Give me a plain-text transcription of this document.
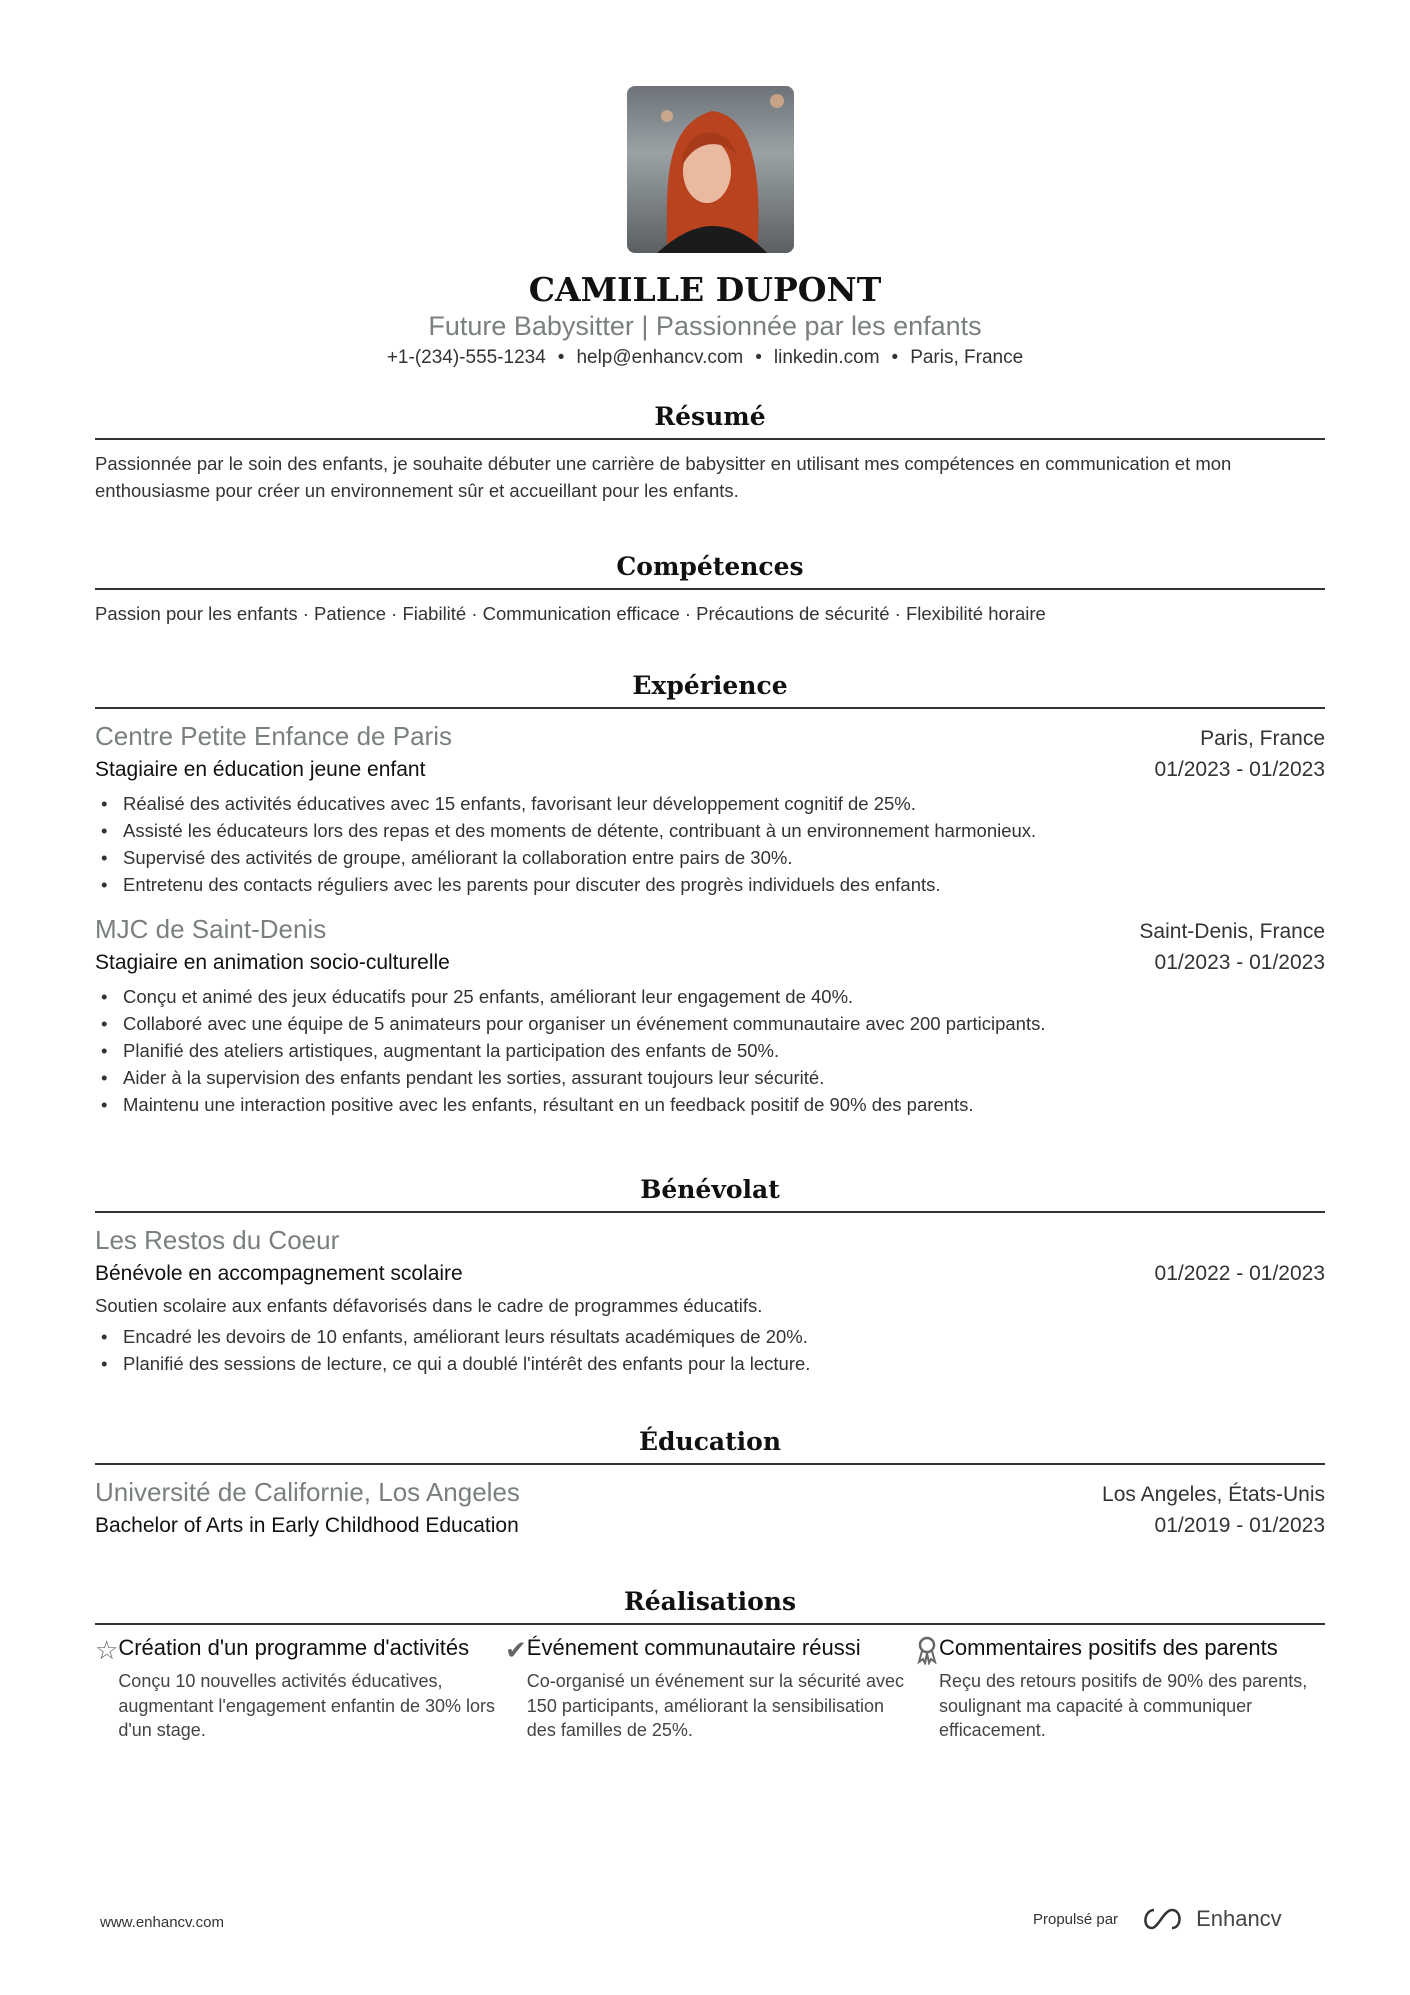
CAMILLE DUPONT
Future Babysitter | Passionnée par les enfants
+1-(234)-555-1234 • help@enhancv.com • linkedin.com • Paris, France
Résumé
Passionnée par le soin des enfants, je souhaite débuter une carrière de babysitter en utilisant mes compétences en communication et mon enthousiasme pour créer un environnement sûr et accueillant pour les enfants.
Compétences
Passion pour les enfants · Patience · Fiabilité · Communication efficace · Précautions de sécurité · Flexibilité horaire
Expérience
Centre Petite Enfance de Paris	Paris, France
Stagiaire en éducation jeune enfant	01/2023 - 01/2023
• Réalisé des activités éducatives avec 15 enfants, favorisant leur développement cognitif de 25%.
• Assisté les éducateurs lors des repas et des moments de détente, contribuant à un environnement harmonieux.
• Supervisé des activités de groupe, améliorant la collaboration entre pairs de 30%.
• Entretenu des contacts réguliers avec les parents pour discuter des progrès individuels des enfants.
MJC de Saint-Denis	Saint-Denis, France
Stagiaire en animation socio-culturelle	01/2023 - 01/2023
• Conçu et animé des jeux éducatifs pour 25 enfants, améliorant leur engagement de 40%.
• Collaboré avec une équipe de 5 animateurs pour organiser un événement communautaire avec 200 participants.
• Planifié des ateliers artistiques, augmentant la participation des enfants de 50%.
• Aider à la supervision des enfants pendant les sorties, assurant toujours leur sécurité.
• Maintenu une interaction positive avec les enfants, résultant en un feedback positif de 90% des parents.
Bénévolat
Les Restos du Coeur
Bénévole en accompagnement scolaire	01/2022 - 01/2023
Soutien scolaire aux enfants défavorisés dans le cadre de programmes éducatifs.
• Encadré les devoirs de 10 enfants, améliorant leurs résultats académiques de 20%.
• Planifié des sessions de lecture, ce qui a doublé l'intérêt des enfants pour la lecture.
Éducation
Université de Californie, Los Angeles	Los Angeles, États-Unis
Bachelor of Arts in Early Childhood Education	01/2019 - 01/2023
Réalisations
☆ Création d'un programme d'activités
Conçu 10 nouvelles activités éducatives, augmentant l'engagement enfantin de 30% lors d'un stage.
✔ Événement communautaire réussi
Co-organisé un événement sur la sécurité avec 150 participants, améliorant la sensibilisation des familles de 25%.
Commentaires positifs des parents
Reçu des retours positifs de 90% des parents, soulignant ma capacité à communiquer efficacement.
www.enhancv.com	Propulsé par	Enhancv
